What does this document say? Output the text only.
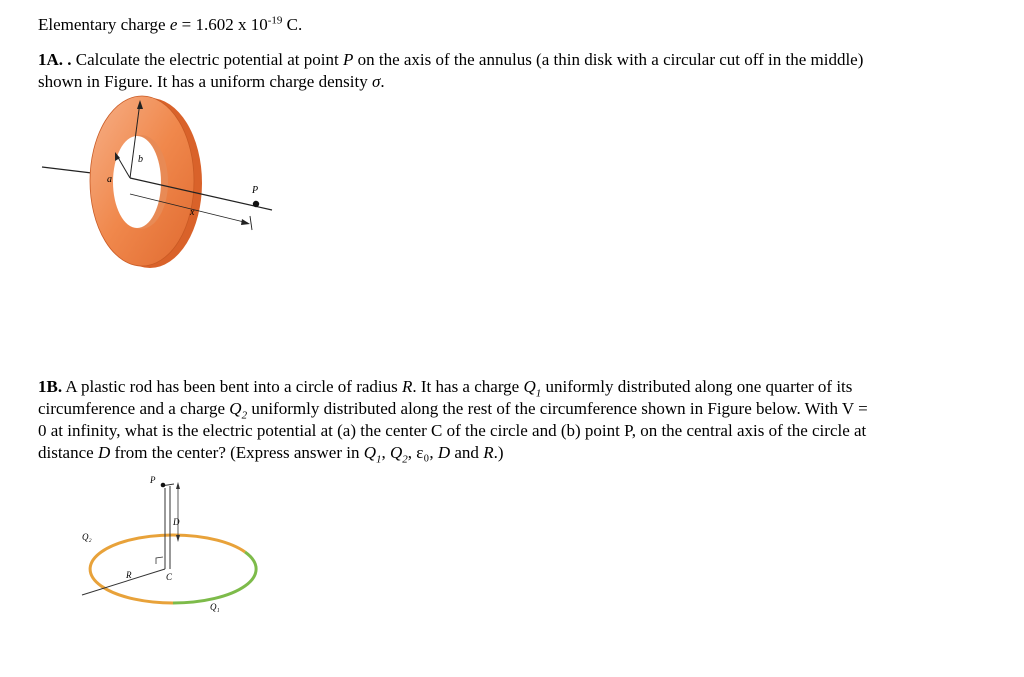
Elementary charge e = 1.602 x $10^{-19}$ C.
1A. . Calculate the electric potential at point P on the axis of the annulus (a thin disk with a circular cut off in the middle)
shown in Figure. It has a uniform charge density σ.
b
a
x
P
1B. A plastic rod has been bent into a circle of radius R. It has a charge $Q_1$ uniformly distributed along one quarter of its
circumference and a charge $Q_2$ uniformly distributed along the rest of the circumference shown in Figure below. With V =
0 at infinity, what is the electric potential at (a) the center C of the circle and (b) point P, on the central axis of the circle at
distance D from the center? (Express answer in $Q_1$, $Q_2$, ε₀, D and R.)
P
D
Q₂
R	C
Q₁
